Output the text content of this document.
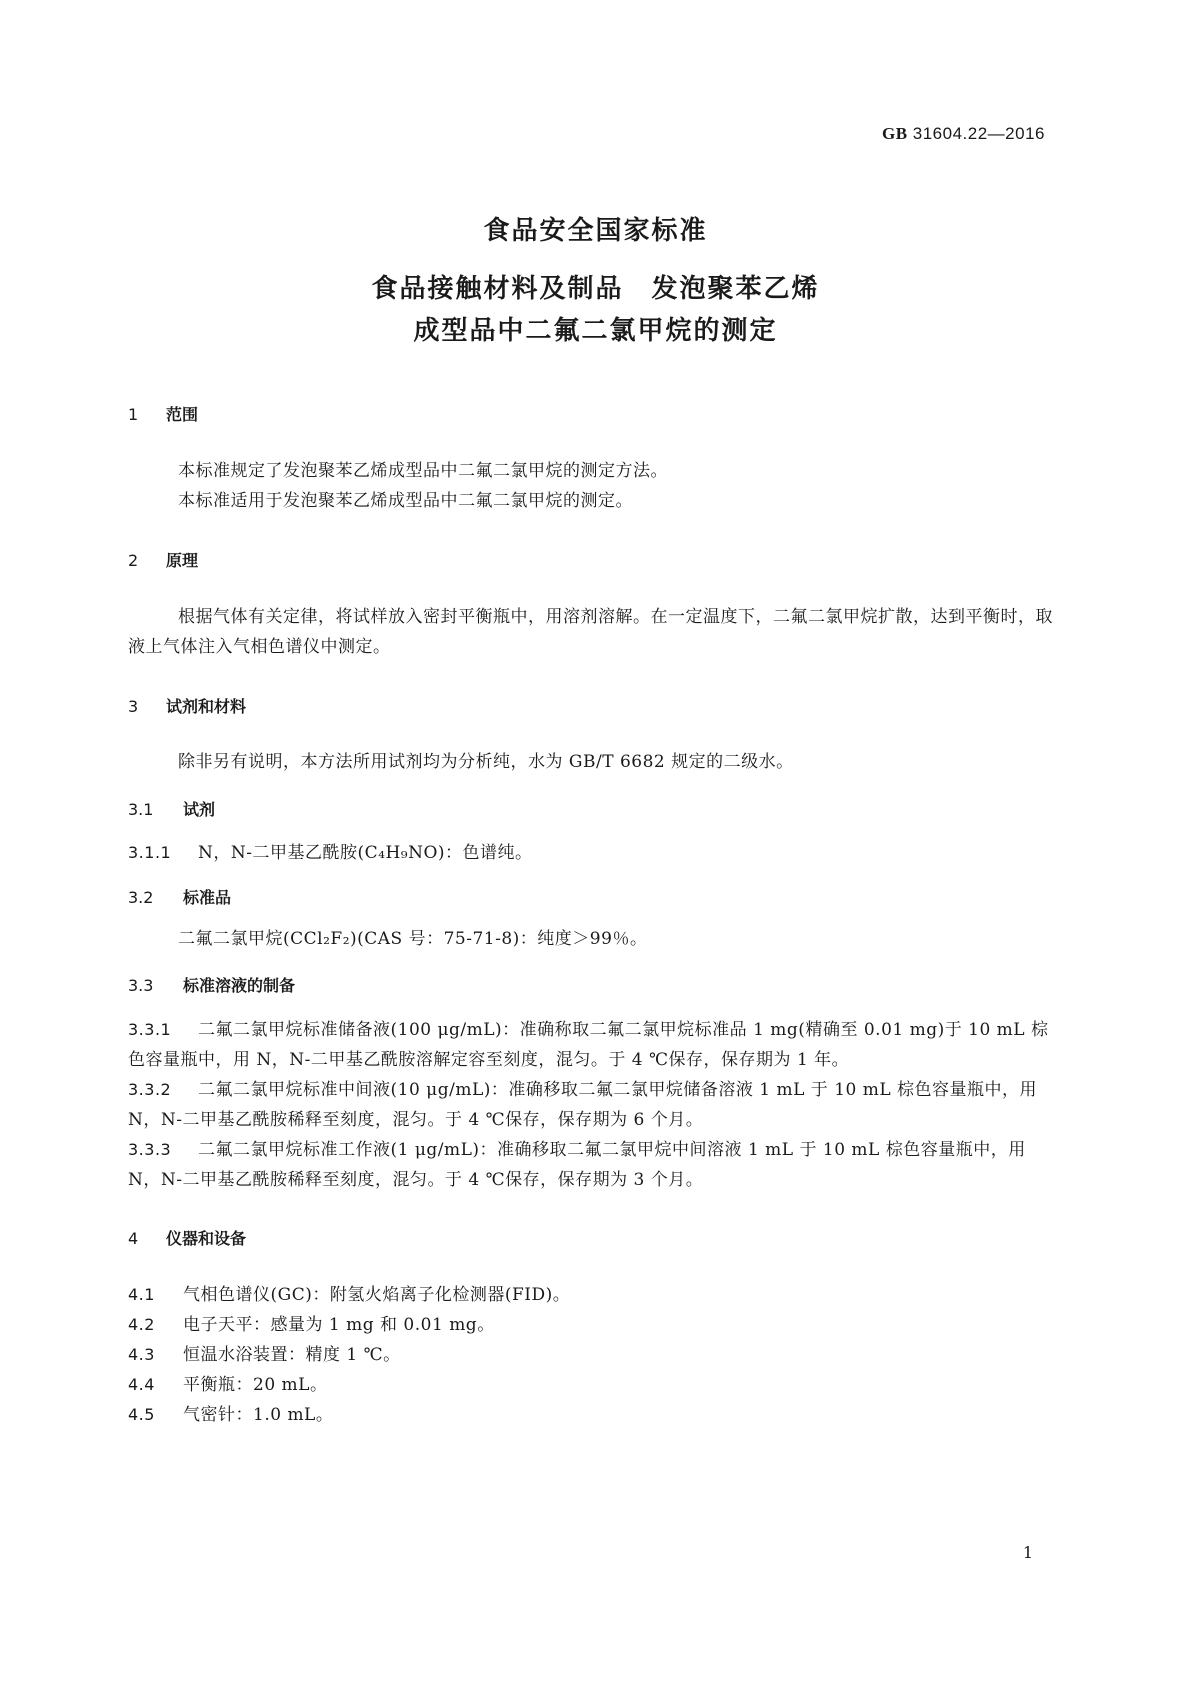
GB 31604.22—2016
食品安全国家标准
食品接触材料及制品　发泡聚苯乙烯
成型品中二氟二氯甲烷的测定
1 范围
本标准规定了发泡聚苯乙烯成型品中二氟二氯甲烷的测定方法。
本标准适用于发泡聚苯乙烯成型品中二氟二氯甲烷的测定。
2 原理
根据气体有关定律，将试样放入密封平衡瓶中，用溶剂溶解。在一定温度下，二氟二氯甲烷扩散，达到平衡时，取液上气体注入气相色谱仪中测定。
3 试剂和材料
除非另有说明，本方法所用试剂均为分析纯，水为 GB/T 6682 规定的二级水。
3.1 试剂
3.1.1 N，N-二甲基乙酰胺(C₄H₉NO)：色谱纯。
3.2 标准品
二氟二氯甲烷(CCl₂F₂)(CAS 号：75-71-8)：纯度＞99％。
3.3 标准溶液的制备
3.3.1 二氟二氯甲烷标准储备液(100 μg/mL)：准确称取二氟二氯甲烷标准品 1 mg(精确至 0.01 mg)于 10 mL 棕色容量瓶中，用 N，N-二甲基乙酰胺溶解定容至刻度，混匀。于 4 ℃保存，保存期为 1 年。
3.3.2 二氟二氯甲烷标准中间液(10 μg/mL)：准确移取二氟二氯甲烷储备溶液 1 mL 于 10 mL 棕色容量瓶中，用 N，N-二甲基乙酰胺稀释至刻度，混匀。于 4 ℃保存，保存期为 6 个月。
3.3.3 二氟二氯甲烷标准工作液(1 μg/mL)：准确移取二氟二氯甲烷中间溶液 1 mL 于 10 mL 棕色容量瓶中，用 N，N-二甲基乙酰胺稀释至刻度，混匀。于 4 ℃保存，保存期为 3 个月。
4 仪器和设备
4.1 气相色谱仪(GC)：附氢火焰离子化检测器(FID)。
4.2 电子天平：感量为 1 mg 和 0.01 mg。
4.3 恒温水浴装置：精度 1 ℃。
4.4 平衡瓶：20 mL。
4.5 气密针：1.0 mL。
1
